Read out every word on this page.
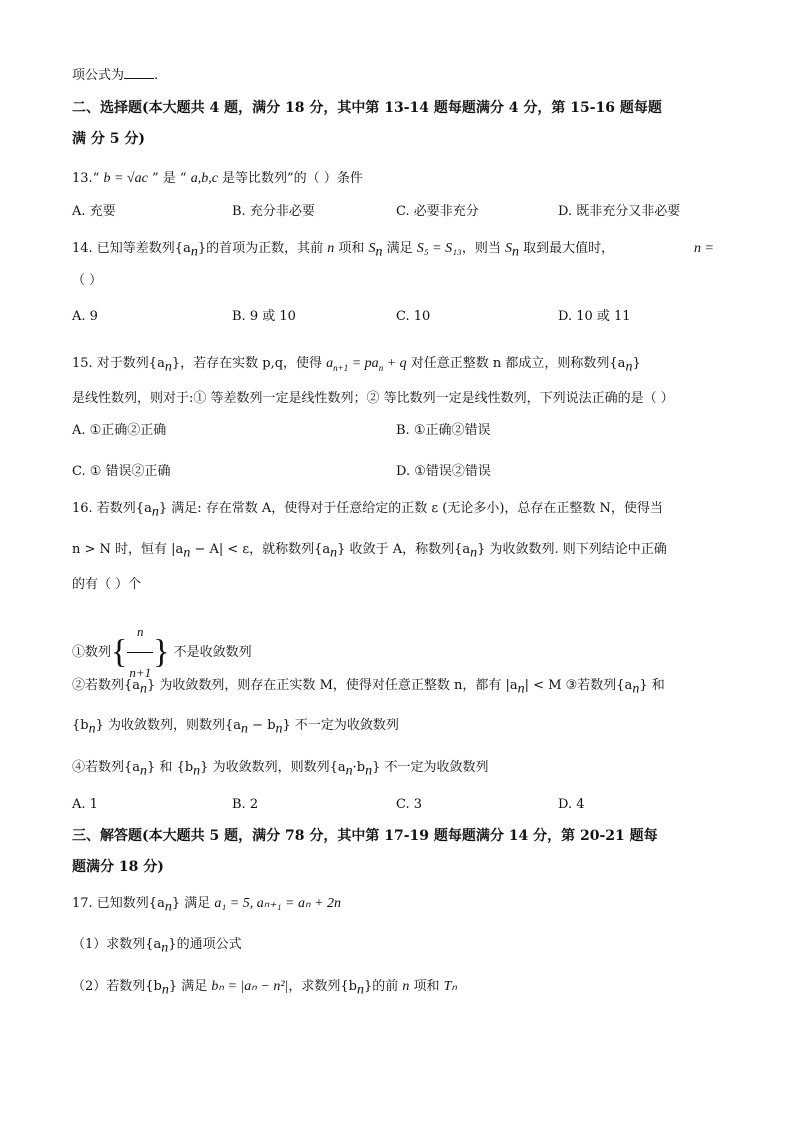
项公式为 .
二、选择题(本大题共 4 题，满分 18 分，其中第 13-14 题每题满分 4 分，第 15-16 题每题
满 分 5 分)
13.“ b = √ac ” 是 “ a,b,c 是等比数列”的（ ）条件
A. 充要	B. 充分非必要	C. 必要非充分	D. 既非充分又非必要
14. 已知等差数列$\{a_n\}$的首项为正数，其前 n 项和 $S_n$ 满足 S₅ = S₁₃，则当 $S_n$ 取到最大值时，	n =
（ ）
A. 9	B. 9 或 10	C. 10	D. 10 或 11
15. 对于数列$\{a_n\}$，若存在实数 p,q，使得 $a_{n+1} = pa_n + q$ 对任意正整数 n 都成立，则称数列$\{a_n\}$
是线性数列，则对于:① 等差数列一定是线性数列；② 等比数列一定是线性数列，下列说法正确的是（ ）
A. ①正确②正确	B. ①正确②错误
C. ① 错误②正确	D. ①错误②错误
16. 若数列$\{a_n\}$ 满足: 存在常数 A，使得对于任意给定的正数 ε (无论多小)，总存在正整数 N，使得当
n > N 时，恒有 $|a_n - A| < \varepsilon$，就称数列$\{a_n\}$ 收敛于 A，称数列$\{a_n\}$ 为收敛数列. 则下列结论中正确
的有（ ）个
①数列{ $\frac{n}{n+1}$ } 不是收敛数列
②若数列$\{a_n\}$ 为收敛数列，则存在正实数 M，使得对任意正整数 n，都有 $|a_n| < M$ ③若数列$\{a_n\}$ 和
$\{b_n\}$ 为收敛数列，则数列$\{a_n - b_n\}$ 不一定为收敛数列
④若数列$\{a_n\}$ 和 $\{b_n\}$ 为收敛数列，则数列$\{a_n\cdot b_n\}$ 不一定为收敛数列
A. 1	B. 2	C. 3	D. 4
三、解答题(本大题共 5 题，满分 78 分，其中第 17-19 题每题满分 14 分，第 20-21 题每
题满分 18 分)
17. 已知数列$\{a_n\}$ 满足 a₁ = 5, aₙ₊₁ = aₙ + 2n
（1）求数列$\{a_n\}$的通项公式
（2）若数列$\{b_n\}$ 满足 bₙ = |aₙ − n²|，求数列$\{b_n\}$的前 n 项和 Tₙ
